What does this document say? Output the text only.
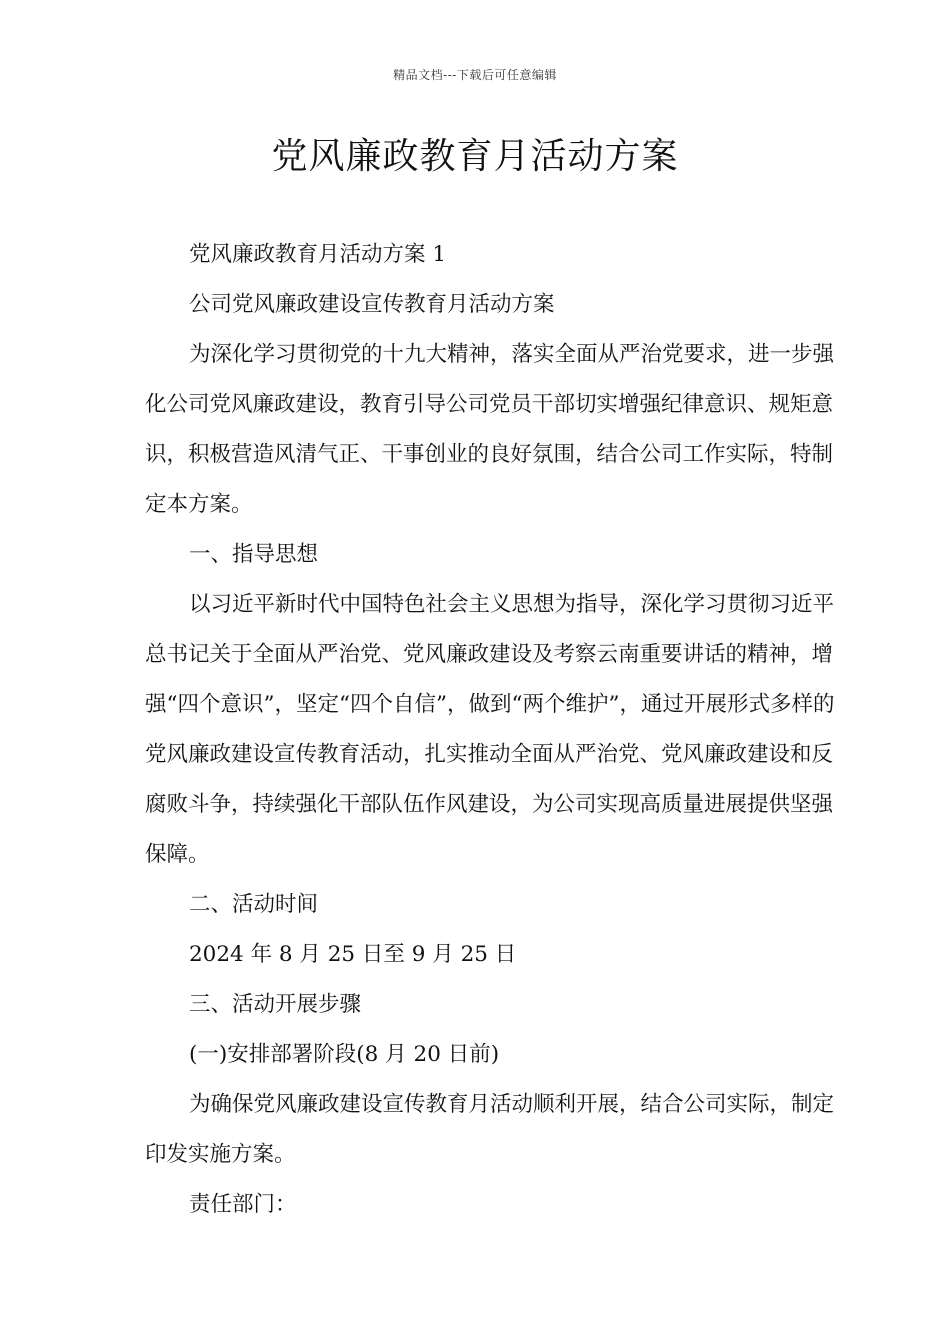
精品文档---下载后可任意编辑
党风廉政教育月活动方案

党风廉政教育月活动方案 1

公司党风廉政建设宣传教育月活动方案

为深化学习贯彻党的十九大精神，落实全面从严治党要求，进一步强化公司党风廉政建设，教育引导公司党员干部切实增强纪律意识、规矩意识，积极营造风清气正、干事创业的良好氛围，结合公司工作实际，特制定本方案。

一、指导思想

以习近平新时代中国特色社会主义思想为指导，深化学习贯彻习近平总书记关于全面从严治党、党风廉政建设及考察云南重要讲话的精神，增强“四个意识”，坚定“四个自信”，做到“两个维护”，通过开展形式多样的党风廉政建设宣传教育活动，扎实推动全面从严治党、党风廉政建设和反腐败斗争，持续强化干部队伍作风建设，为公司实现高质量进展提供坚强保障。

二、活动时间

2024 年 8 月 25 日至 9 月 25 日

三、活动开展步骤

(一)安排部署阶段(8 月 20 日前)

为确保党风廉政建设宣传教育月活动顺利开展，结合公司实际，制定印发实施方案。

责任部门：
